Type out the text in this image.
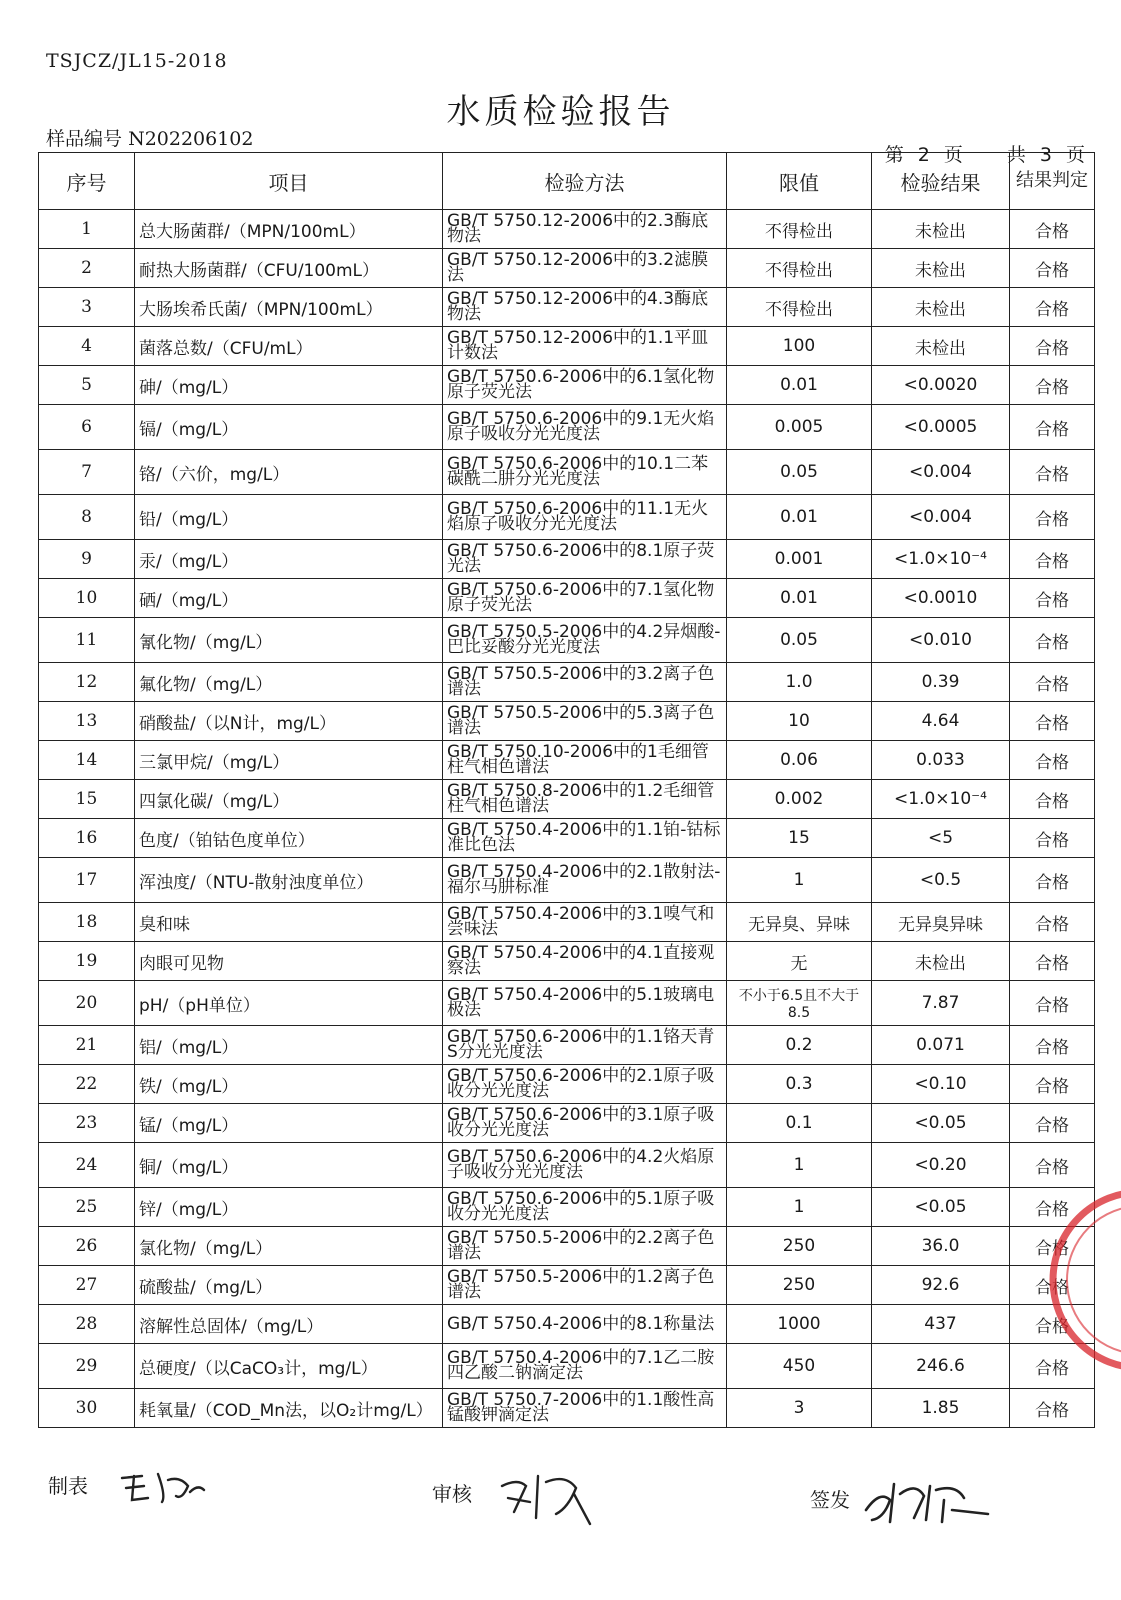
TSJCZ/JL15-2018
水质检验报告
样品编号 N202206102
第 2 页 共 3 页
序号	项目	检验方法	限值	检验结果	结果判定
1	总大肠菌群/（MPN/100mL）	GB/T 5750.12-2006中的2.3酶底物法	不得检出	未检出	合格
2	耐热大肠菌群/（CFU/100mL）	GB/T 5750.12-2006中的3.2滤膜法	不得检出	未检出	合格
3	大肠埃希氏菌/（MPN/100mL）	GB/T 5750.12-2006中的4.3酶底物法	不得检出	未检出	合格
4	菌落总数/（CFU/mL）	GB/T 5750.12-2006中的1.1平皿计数法	100	未检出	合格
5	砷/（mg/L）	GB/T 5750.6-2006中的6.1氢化物原子荧光法	0.01	<0.0020	合格
6	镉/（mg/L）	GB/T 5750.6-2006中的9.1无火焰原子吸收分光光度法	0.005	<0.0005	合格
7	铬/（六价，mg/L）	GB/T 5750.6-2006中的10.1二苯碳酰二肼分光光度法	0.05	<0.004	合格
8	铅/（mg/L）	GB/T 5750.6-2006中的11.1无火焰原子吸收分光光度法	0.01	<0.004	合格
9	汞/（mg/L）	GB/T 5750.6-2006中的8.1原子荧光法	0.001	<1.0×10⁻⁴	合格
10	硒/（mg/L）	GB/T 5750.6-2006中的7.1氢化物原子荧光法	0.01	<0.0010	合格
11	氰化物/（mg/L）	GB/T 5750.5-2006中的4.2异烟酸-巴比妥酸分光光度法	0.05	<0.010	合格
12	氟化物/（mg/L）	GB/T 5750.5-2006中的3.2离子色谱法	1.0	0.39	合格
13	硝酸盐/（以N计，mg/L）	GB/T 5750.5-2006中的5.3离子色谱法	10	4.64	合格
14	三氯甲烷/（mg/L）	GB/T 5750.10-2006中的1毛细管柱气相色谱法	0.06	0.033	合格
15	四氯化碳/（mg/L）	GB/T 5750.8-2006中的1.2毛细管柱气相色谱法	0.002	<1.0×10⁻⁴	合格
16	色度/（铂钴色度单位）	GB/T 5750.4-2006中的1.1铂-钴标准比色法	15	<5	合格
17	浑浊度/（NTU-散射浊度单位）	GB/T 5750.4-2006中的2.1散射法-福尔马肼标准	1	<0.5	合格
18	臭和味	GB/T 5750.4-2006中的3.1嗅气和尝味法	无异臭、异味	无异臭异味	合格
19	肉眼可见物	GB/T 5750.4-2006中的4.1直接观察法	无	未检出	合格
20	pH/（pH单位）	GB/T 5750.4-2006中的5.1玻璃电极法	不小于6.5且不大于8.5	7.87	合格
21	铝/（mg/L）	GB/T 5750.6-2006中的1.1铬天青S分光光度法	0.2	0.071	合格
22	铁/（mg/L）	GB/T 5750.6-2006中的2.1原子吸收分光光度法	0.3	<0.10	合格
23	锰/（mg/L）	GB/T 5750.6-2006中的3.1原子吸收分光光度法	0.1	<0.05	合格
24	铜/（mg/L）	GB/T 5750.6-2006中的4.2火焰原子吸收分光光度法	1	<0.20	合格
25	锌/（mg/L）	GB/T 5750.6-2006中的5.1原子吸收分光光度法	1	<0.05	合格
26	氯化物/（mg/L）	GB/T 5750.5-2006中的2.2离子色谱法	250	36.0	合格
27	硫酸盐/（mg/L）	GB/T 5750.5-2006中的1.2离子色谱法	250	92.6	合格
28	溶解性总固体/（mg/L）	GB/T 5750.4-2006中的8.1称量法	1000	437	合格
29	总硬度/（以CaCO₃计，mg/L）	GB/T 5750.4-2006中的7.1乙二胺四乙酸二钠滴定法	450	246.6	合格
30	耗氧量/（COD_Mn法，以O₂计mg/L）	GB/T 5750.7-2006中的1.1酸性高锰酸钾滴定法	3	1.85	合格
制表	审核	签发
